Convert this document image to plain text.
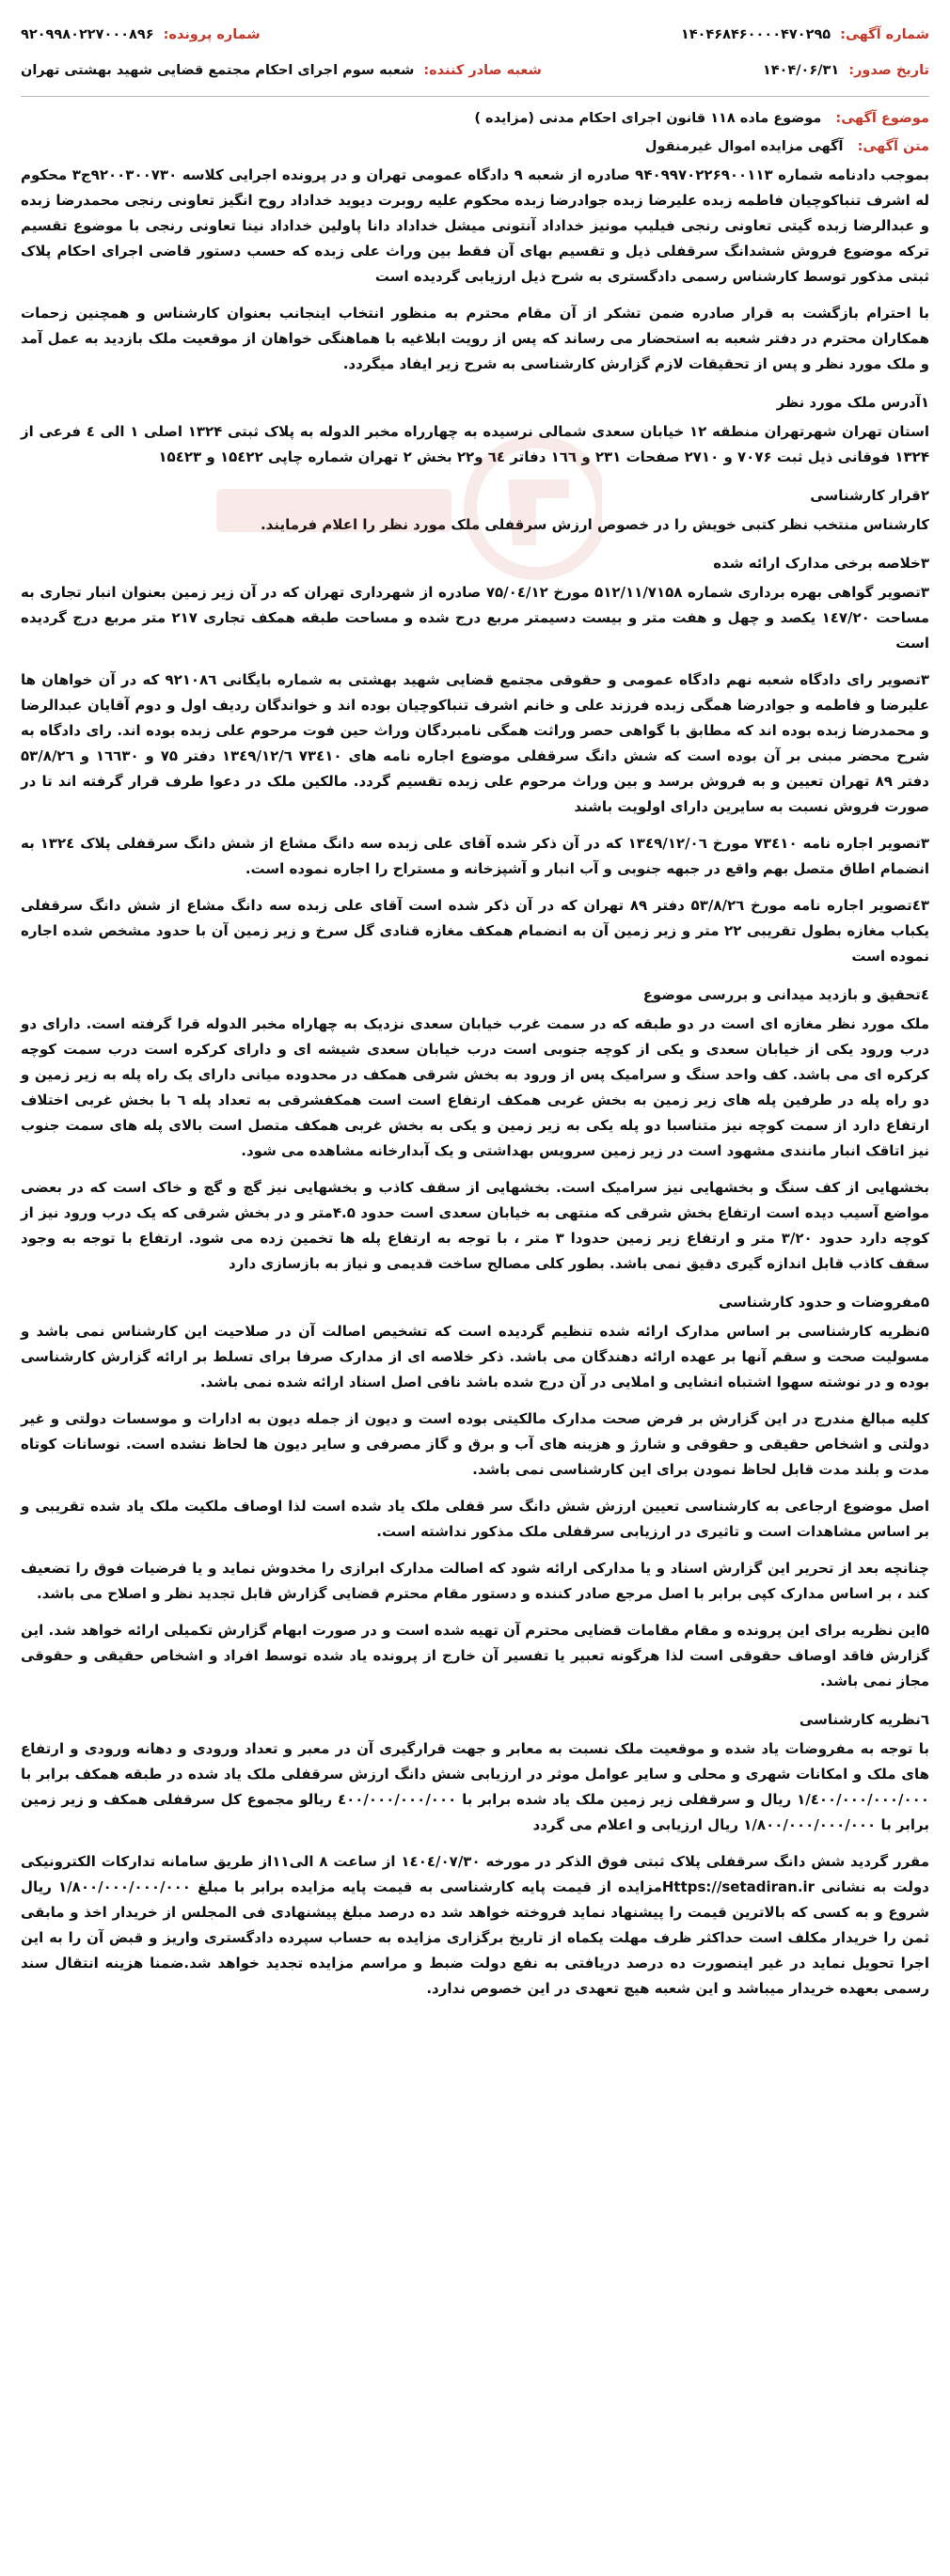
شماره آگهی:
۱۴۰۴۶۸۴۶۰۰۰۰۴۷۰۲۹۵
شماره پرونده:
۹۲۰۹۹۸۰۲۲۷۰۰۰۸۹۶
تاریخ صدور:
۱۴۰۴/۰۶/۳۱
شعبه صادر کننده:
شعبه سوم اجرای احکام مجتمع قضایی شهید بهشتی تهران
موضوع آگهی: موضوع ماده ۱۱۸ قانون اجرای احکام مدنی (مزایده )
متن آگهی: آگهی مزایده اموال غیرمنقول

بموجب دادنامه شماره ۹۴۰۹۹۷۰۲۲۶۹۰۰۱۱۳ صادره از شعبه ۹ دادگاه عمومی تهران و در پرونده اجرایی کلاسه ۹۲۰۰۳۰۰۷۳۰ج۳ محکوم له اشرف تنباکوچیان فاطمه زبده علیرضا زبده جوادرضا زبده محکوم علیه روبرت دیوید خداداد روح انگیز تعاونی رنجی محمدرضا زبده و عبدالرضا زبده گیتی تعاونی رنجی فیلیپ مونیز خداداد آنتونی میشل خداداد دانا پاولین خداداد نینا تعاونی رنجی با موضوع تقسیم ترکه موضوع فروش ششدانگ سرقفلی ذیل و تقسیم بهای آن فقط بین وراث علی زبده که حسب دستور قاضی اجرای احکام پلاک ثبتی مذکور توسط کارشناس رسمی دادگستری به شرح ذیل ارزیابی گردیده است

با احترام بازگشت به قرار صادره ضمن تشکر از آن مقام محترم به منظور انتخاب اینجانب بعنوان کارشناس و همچنین زحمات همکاران محترم در دفتر شعبه به استحضار می رساند که پس از رویت ابلاغیه با هماهنگی خواهان از موقعیت ملک بازدید به عمل آمد و ملک مورد نظر و پس از تحقیقات لازم گزارش کارشناسی به شرح زیر ایفاد میگردد.

۱آدرس ملک مورد نظر

استان تهران شهرتهران منطقه ۱۲ خیابان سعدی شمالی نرسیده به چهارراه مخبر الدوله به پلاک ثبتی ۱۳۲۴ اصلی ۱ الی ٤ فرعی از ۱۳۲۴ فوقانی ذیل ثبت ۷۰۷۶ و ۲۷۱۰ صفحات ۲۳۱ و ۱٦٦ دفاتر ٦٤ و۲۲ بخش ۲ تهران شماره چاپی ۱۵٤۲۲ و ۱۵٤۲۳

۲قرار کارشناسی

کارشناس منتخب نظر کتبی خویش را در خصوص ارزش سرقفلی ملک مورد نظر را اعلام فرمایند.

۳خلاصه برخی مدارک ارائه شده

۳تصویر گواهی بهره برداری شماره ۵۱۲/۱۱/۷۱۵۸ مورخ ۷۵/۰٤/۱۲ صادره از شهرداری تهران که در آن زیر زمین بعنوان انبار تجاری به مساحت ۱٤۷/۲۰ یکصد و چهل و هفت متر و بیست دسیمتر مربع درج شده و مساحت طبقه همکف تجاری ۲۱۷ متر مربع درج گردیده است

۳تصویر رای دادگاه شعبه نهم دادگاه عمومی و حقوقی مجتمع قضایی شهید بهشتی به شماره بایگانی ۹۲۱۰۸٦ که در آن خواهان ها علیرضا و فاطمه و جوادرضا همگی زبده فرزند علی و خانم اشرف تنباکوچیان بوده اند و خواندگان ردیف اول و دوم آقایان عبدالرضا و محمدرضا زبده بوده اند که مطابق با گواهی حصر وراثت همگی نامبردگان وراث حین فوت مرحوم علی زبده بوده اند. رای دادگاه به شرح محضر مبنی بر آن بوده است که شش دانگ سرقفلی موضوع اجاره نامه های ۷۳٤۱۰ ۱۳٤۹/۱۲/٦ دفتر ۷۵ و ۱٦٦۳۰ و ۵۳/۸/۲٦ دفتر ۸۹ تهران تعیین و به فروش برسد و بین وراث مرحوم علی زبده تقسیم گردد. مالکین ملک در دعوا طرف قرار گرفته اند تا در صورت فروش نسبت به سایرین دارای اولویت باشند

۳تصویر اجاره نامه ۷۳٤۱۰ مورخ ۱۳٤۹/۱۲/۰٦ که در آن ذکر شده آقای علی زبده سه دانگ مشاع از شش دانگ سرقفلی پلاک ۱۳۲٤ به انضمام اطاق متصل بهم واقع در جبهه جنوبی و آب انبار و آشپزخانه و مستراح را اجاره نموده است.

٤۳تصویر اجاره نامه مورخ ۵۳/۸/۲٦ دفتر ۸۹ تهران که در آن ذکر شده است آقای علی زبده سه دانگ مشاع از شش دانگ سرقفلی یکباب مغازه بطول تقریبی ۲۲ متر و زیر زمین آن به انضمام همکف مغازه قنادی گل سرخ و زیر زمین آن با حدود مشخص شده اجاره نموده است

٤تحقیق و بازدید میدانی و بررسی موضوع

ملک مورد نظر مغازه ای است در دو طبقه که در سمت غرب خیابان سعدی نزدیک به چهاراه مخبر الدوله قرا گرفته است. دارای دو درب ورود یکی از خیابان سعدی و یکی از کوچه جنوبی است درب خیابان سعدی شیشه ای و دارای کرکره است درب سمت کوچه کرکره ای می باشد. کف واحد سنگ و سرامیک پس از ورود به بخش شرقی همکف در محدوده میانی دارای یک راه پله به زیر زمین و دو راه پله در طرفین پله های زیر زمین به بخش غربی همکف ارتفاع است است همکفشرقی به تعداد پله ٦ با بخش غربی اختلاف ارتفاع دارد از سمت کوچه نیز متناسبا دو پله یکی به زیر زمین و یکی به بخش غربی همکف متصل است بالای پله های سمت جنوب نیز اتاقک انبار مانندی مشهود است در زیر زمین سرویس بهداشتی و یک آبدارخانه مشاهده می شود.

بخشهایی از کف سنگ و بخشهایی نیز سرامیک است. بخشهایی از سقف کاذب و بخشهایی نیز گچ و گچ و خاک است که در بعضی مواضع آسیب دیده است ارتفاع بخش شرقی که منتهی به خیابان سعدی است حدود ۴.۵متر و در بخش شرقی که یک درب ورود نیز از کوچه دارد حدود ۳/۲۰ متر و ارتفاع زیر زمین حدودا ۳ متر ، با توجه به ارتفاع پله ها تخمین زده می شود. ارتفاع با توجه به وجود سقف کاذب قابل اندازه گیری دقیق نمی باشد. بطور کلی مصالح ساخت قدیمی و نیاز به بازسازی دارد

۵مفروضات و حدود کارشناسی

۵نظریه کارشناسی بر اساس مدارک ارائه شده تنظیم گردیده است که تشخیص اصالت آن در صلاحیت این کارشناس نمی باشد و مسولیت صحت و سقم آنها بر عهده ارائه دهندگان می باشد. ذکر خلاصه ای از مدارک صرفا برای تسلط بر ارائه گزارش کارشناسی بوده و در نوشته سهوا اشتباه انشایی و املایی در آن درج شده باشد نافی اصل اسناد ارائه شده نمی باشد.

کلیه مبالغ مندرج در این گزارش بر فرض صحت مدارک مالکیتی بوده است و دیون از جمله دیون به ادارات و موسسات دولتی و غیر دولتی و اشخاص حقیقی و حقوقی و شارژ و هزینه های آب و برق و گاز مصرفی و سایر دیون ها لحاظ نشده است. نوسانات کوتاه مدت و بلند مدت قابل لحاظ نمودن برای این کارشناسی نمی باشد.

اصل موضوع ارجاعی به کارشناسی تعیین ارزش شش دانگ سر قفلی ملک یاد شده است لذا اوصاف ملکیت ملک یاد شده تقریبی و بر اساس مشاهدات است و تاثیری در ارزیابی سرقفلی ملک مذکور نداشته است.

چنانچه بعد از تحریر این گزارش اسناد و یا مدارکی ارائه شود که اصالت مدارک ابرازی را مخدوش نماید و یا فرضیات فوق را تضعیف کند ، بر اساس مدارک کپی برابر با اصل مرجع صادر کننده و دستور مقام محترم قضایی گزارش قابل تجدید نظر و اصلاح می باشد.

۵این نظریه برای این پرونده و مقام مقامات قضایی محترم آن تهیه شده است و در صورت ابهام گزارش تکمیلی ارائه خواهد شد. این گزارش فاقد اوصاف حقوقی است لذا هرگونه تعبیر یا تفسیر آن خارج از پرونده یاد شده توسط افراد و اشخاص حقیقی و حقوقی مجاز نمی باشد.

٦نظریه کارشناسی

با توجه به مفروضات یاد شده و موقعیت ملک نسبت به معابر و جهت قرارگیری آن در معبر و تعداد ورودی و دهانه ورودی و ارتفاع های ملک و امکانات شهری و محلی و سایر عوامل موثر در ارزیابی شش دانگ ارزش سرقفلی ملک یاد شده در طبقه همکف برابر با ۱/٤۰۰/۰۰۰/۰۰۰/۰۰۰ ریال و سرقفلی زیر زمین ملک یاد شده برابر با ٤۰۰/۰۰۰/۰۰۰/۰۰۰ ریالو مجموع کل سرقفلی همکف و زیر زمین برابر با ۱/۸۰۰/۰۰۰/۰۰۰/۰۰۰ ریال ارزیابی و اعلام می گردد

مقرر گردید شش دانگ سرقفلی پلاک ثبتی فوق الذکر در مورخه ۱٤۰٤/۰۷/۳۰ از ساعت ۸ الی۱۱از طریق سامانه تدارکات الکترونیکی دولت به نشانی Https://setadiran.irمزایده از قیمت پایه کارشناسی به قیمت پایه مزایده برابر با مبلغ ۱/۸۰۰/۰۰۰/۰۰۰/۰۰۰ ریال شروع و به کسی که بالاترین قیمت را پیشنهاد نماید فروخته خواهد شد ده درصد مبلغ پیشنهادی فی المجلس از خریدار اخذ و مابقی ثمن را خریدار مکلف است حداکثر ظرف مهلت یکماه از تاریخ برگزاری مزایده به حساب سپرده دادگستری واریز و قبض آن را به این اجرا تحویل نماید در غیر اینصورت ده درصد دریافتی به نفع دولت ضبط و مراسم مزایده تجدید خواهد شد.ضمنا هزینه انتقال سند رسمی بعهده خریدار میباشد و این شعبه هیچ تعهدی در این خصوص ندارد.
